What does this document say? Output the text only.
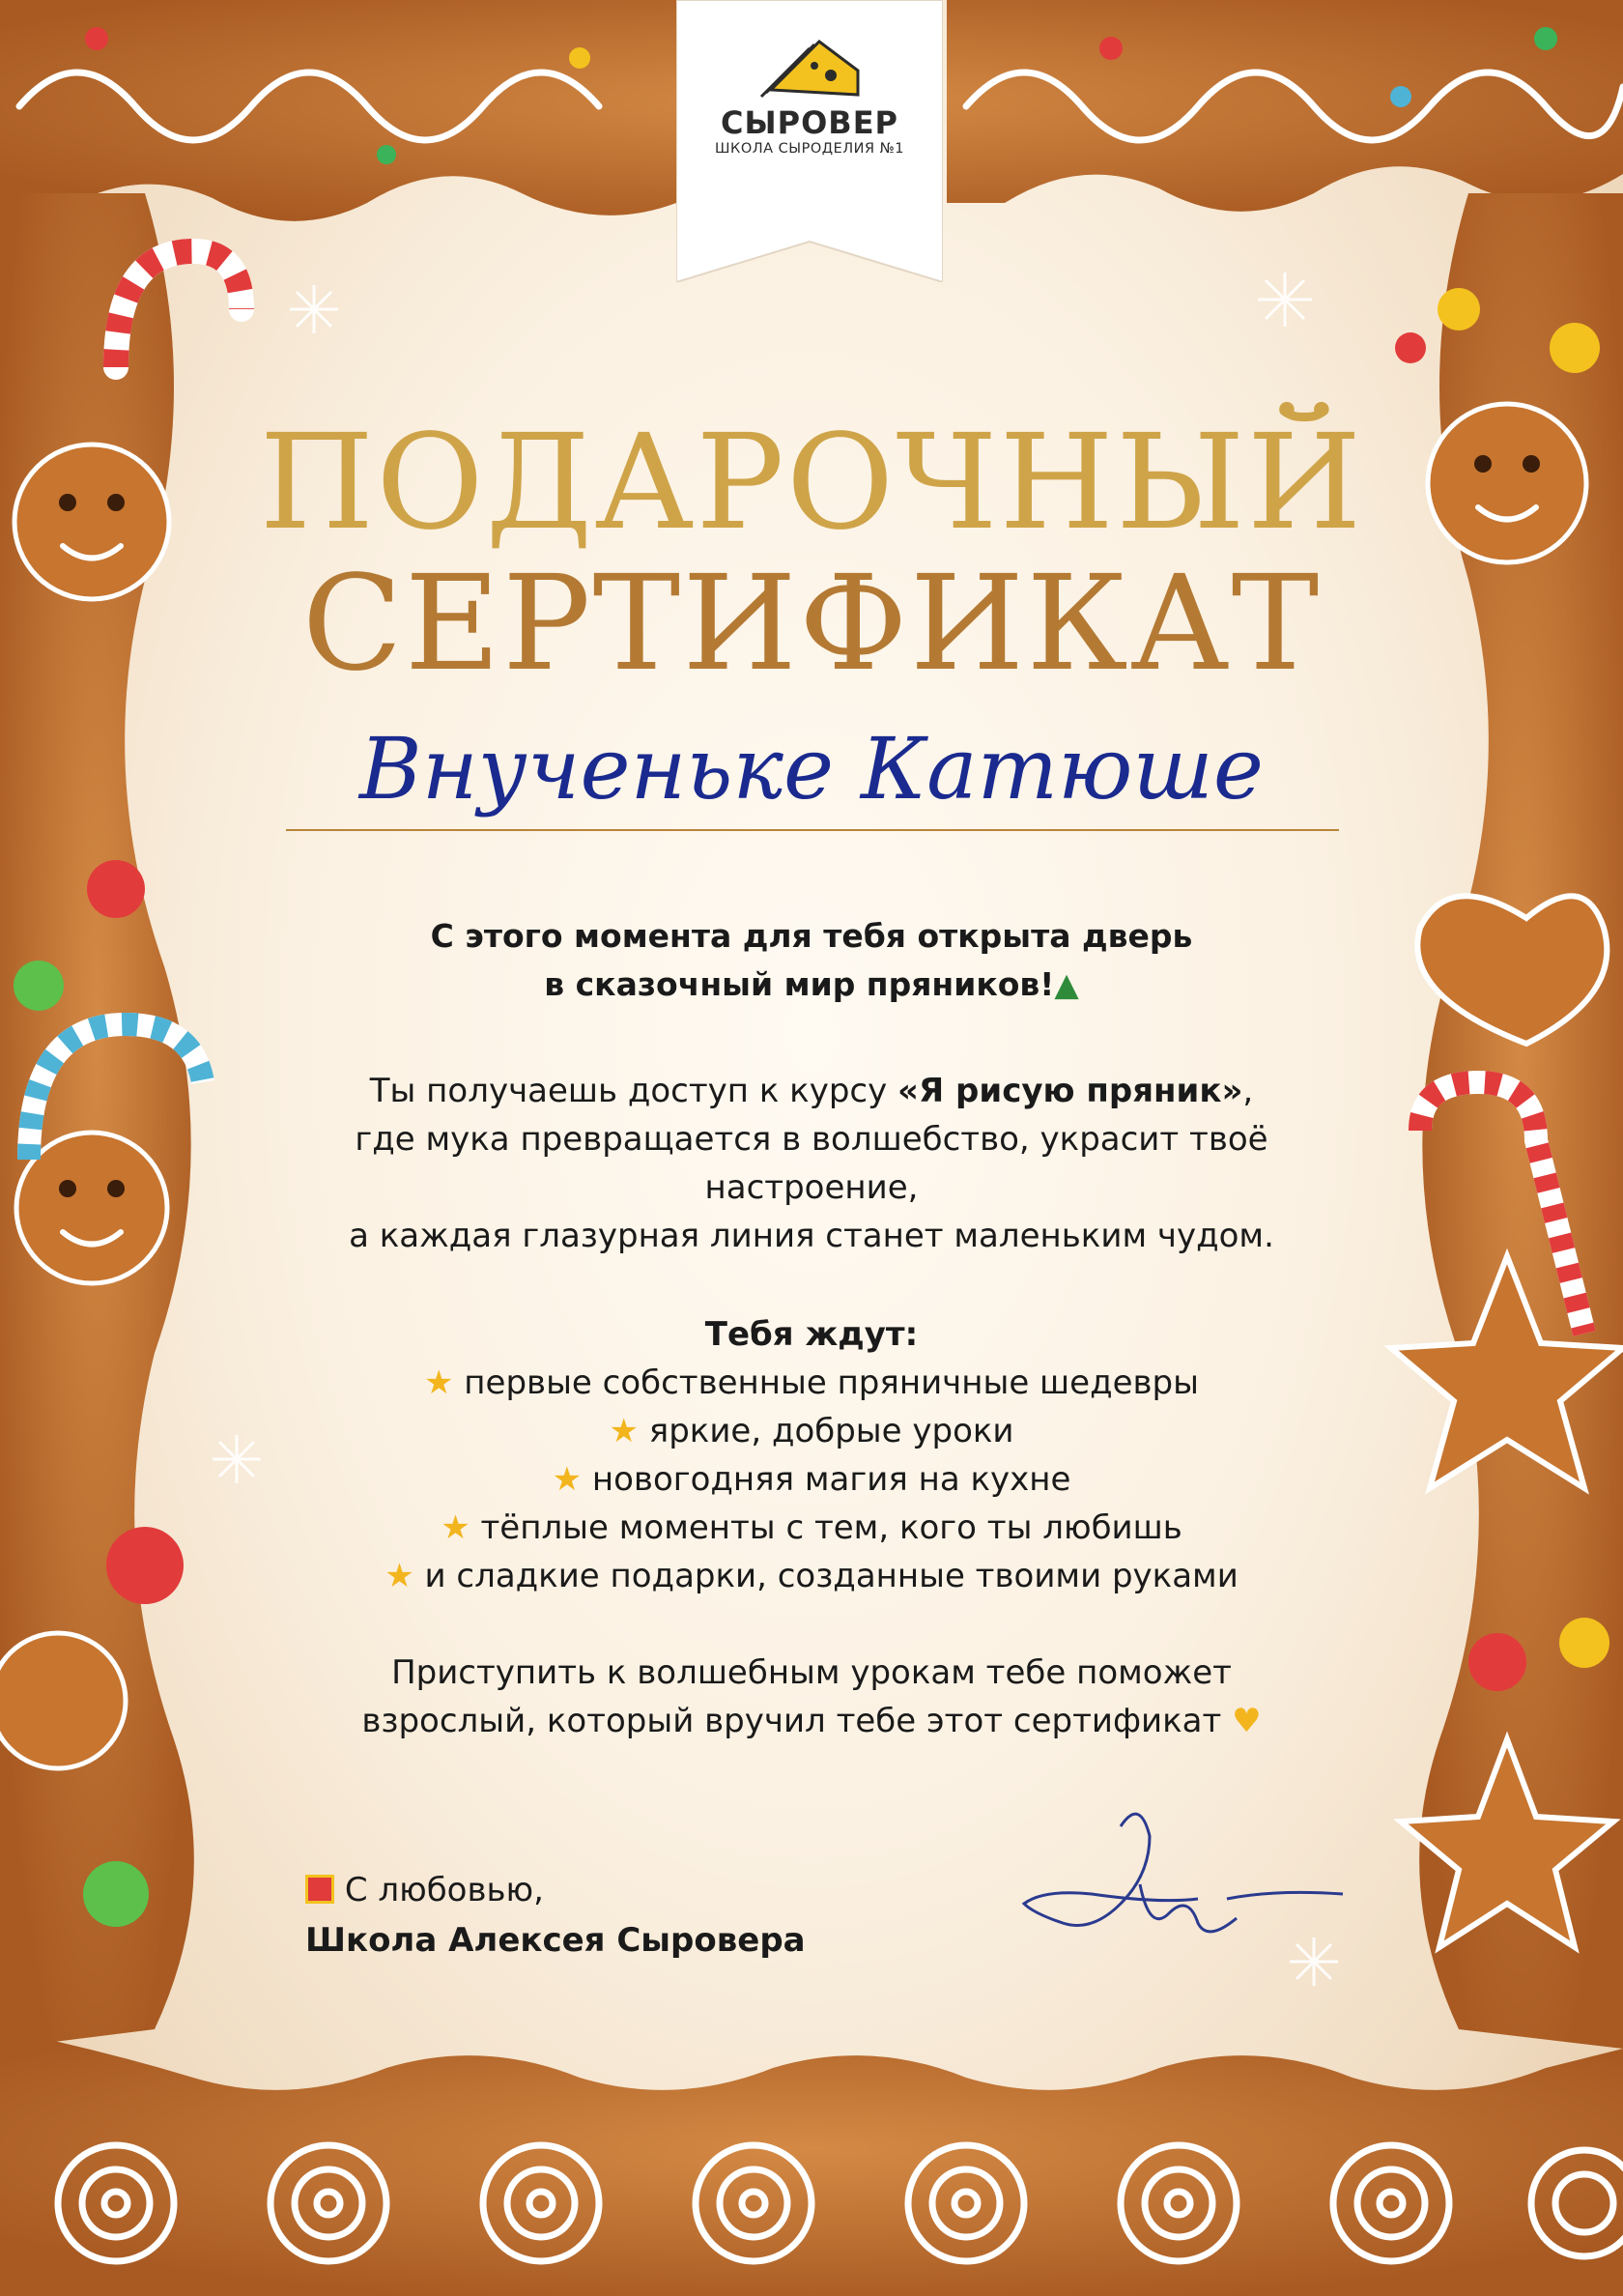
СЫРОВЕР
ШКОЛА СЫРОДЕЛИЯ №1
ПОДАРОЧНЫЙ
СЕРТИФИКАТ
Внученьке Катюше
С этого момента для тебя открыта дверь
в сказочный мир пряников!▲
Ты получаешь доступ к курсу «Я рисую пряник»,
где мука превращается в волшебство, украсит твоё
настроение,
а каждая глазурная линия станет маленьким чудом.
Тебя ждут:
★ первые собственные пряничные шедевры
★ яркие, добрые уроки
★ новогодняя магия на кухне
★ тёплые моменты с тем, кого ты любишь
★ и сладкие подарки, созданные твоими руками
Приступить к волшебным урокам тебе поможет
взрослый, который вручил тебе этот сертификат ♥
С любовью,
Школа Алексея Сыровера
